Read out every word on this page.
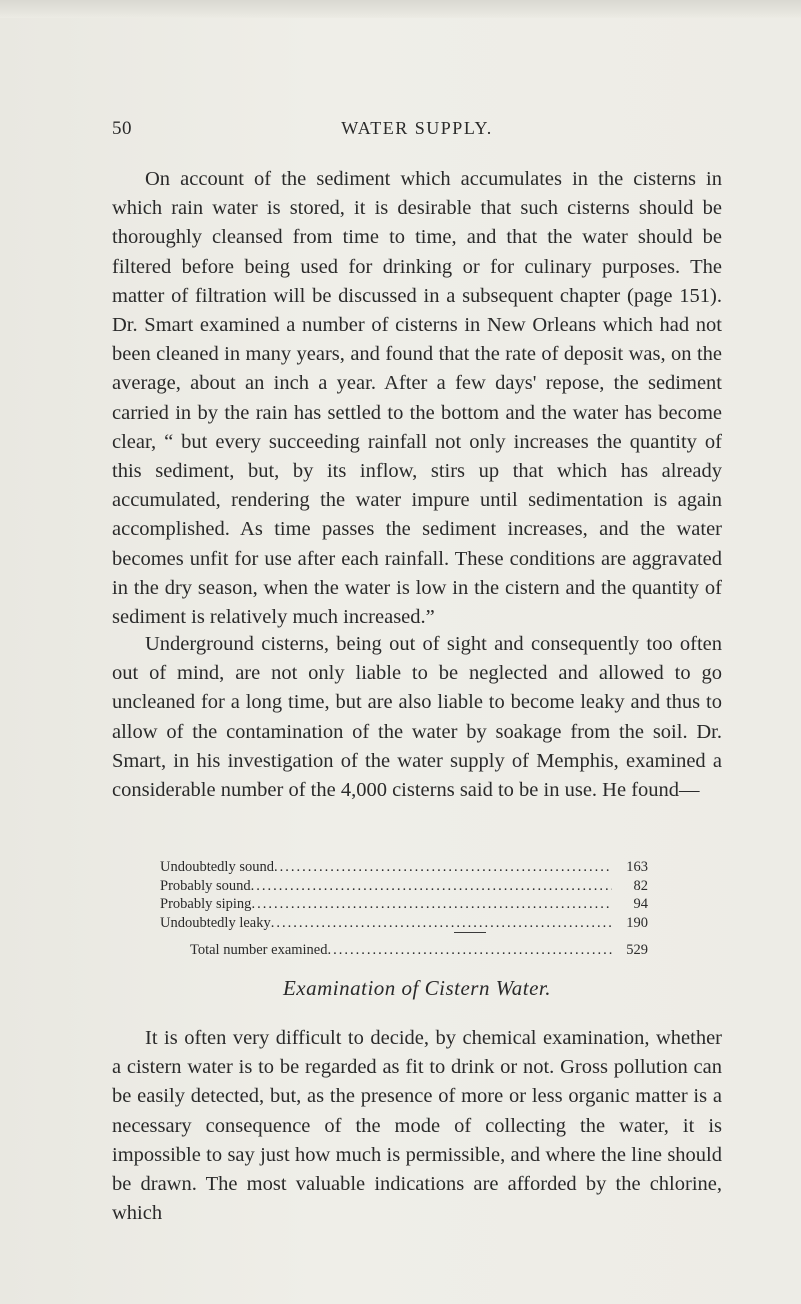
50	WATER SUPPLY.

On account of the sediment which accumulates in the cisterns in which rain water is stored, it is desirable that such cisterns should be thoroughly cleansed from time to time, and that the water should be filtered before being used for drinking or for culinary purposes. The matter of filtration will be discussed in a subsequent chapter (page 151). Dr. Smart examined a number of cisterns in New Orleans which had not been cleaned in many years, and found that the rate of deposit was, on the average, about an inch a year. After a few days' repose, the sediment carried in by the rain has settled to the bottom and the water has become clear, “ but every succeeding rainfall not only increases the quantity of this sediment, but, by its inflow, stirs up that which has already accumulated, rendering the water impure until sedimentation is again accomplished. As time passes the sediment increases, and the water becomes unfit for use after each rainfall. These conditions are aggravated in the dry season, when the water is low in the cistern and the quantity of sediment is relatively much increased.”

Underground cisterns, being out of sight and consequently too often out of mind, are not only liable to be neglected and allowed to go uncleaned for a long time, but are also liable to become leaky and thus to allow of the contamination of the water by soakage from the soil. Dr. Smart, in his investigation of the water supply of Memphis, examined a considerable number of the 4,000 cisterns said to be in use. He found—

Undoubtedly sound .....	163
Probably sound .....	82
Probably siping .....	94
Undoubtedly leaky .....	190
Total number examined .....	529
Examination of Cistern Water.

It is often very difficult to decide, by chemical examination, whether a cistern water is to be regarded as fit to drink or not. Gross pollution can be easily detected, but, as the presence of more or less organic matter is a necessary consequence of the mode of collecting the water, it is impossible to say just how much is permissible, and where the line should be drawn. The most valuable indications are afforded by the chlorine, which
